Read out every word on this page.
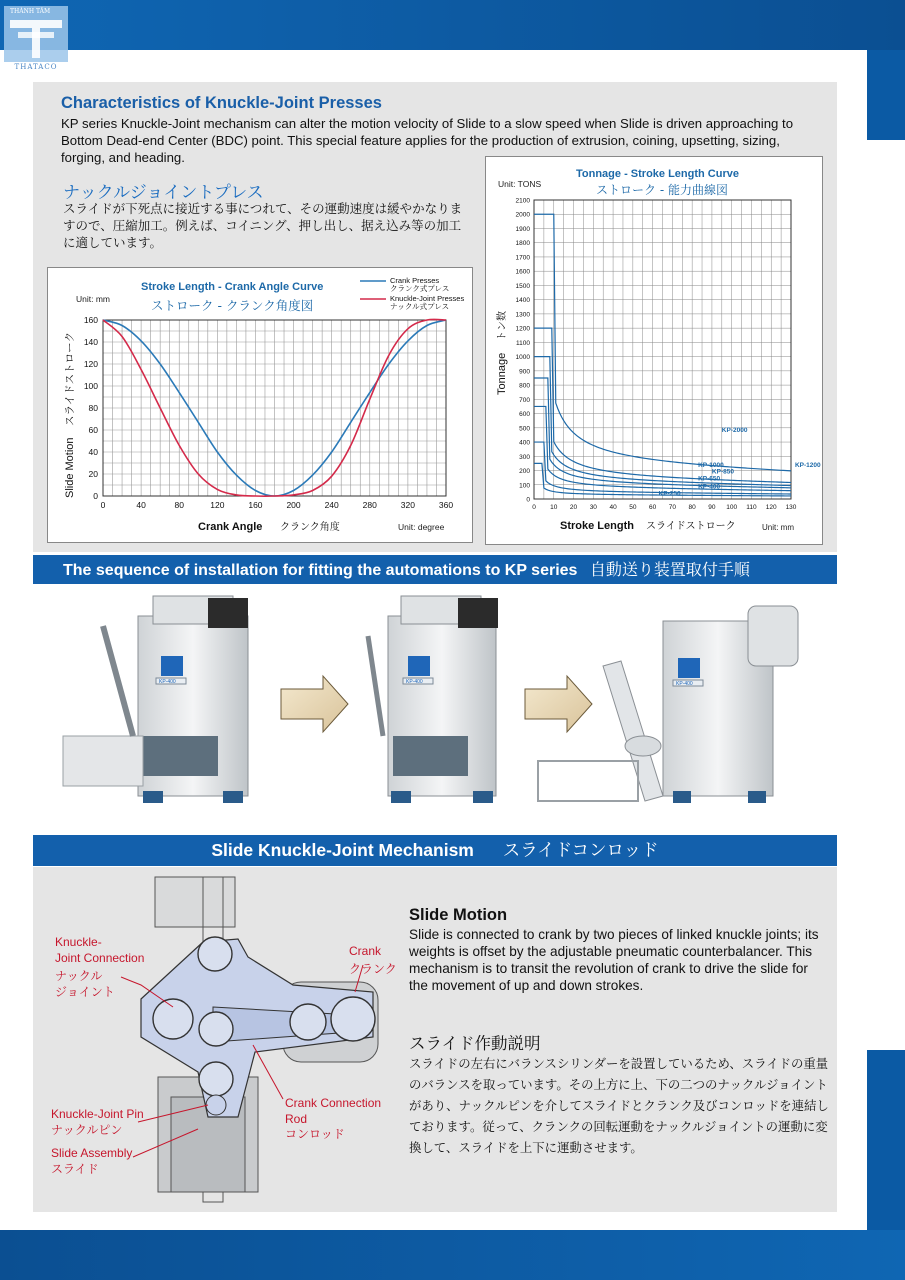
THÀNH TÂM
THATACO
Characteristics of Knuckle-Joint Presses
KP series Knuckle-Joint mechanism can alter the motion velocity of Slide to a slow speed when Slide is driven approaching to Bottom Dead-end Center (BDC) point. This special feature applies for the production of extrusion, coining, upsetting, sizing, forging, and heading.
ナックルジョイントプレス
スライドが下死点に接近する事につれて、その運動速度は緩やかなりますので、圧縮加工。例えば、コイニング、押し出し、据え込み等の加工に適しています。
Stroke Length - Crank Angle Curve
ストローク - クランク角度図
Unit: mm
Unit: degree
Crank Angle クランク角度
Slide Motion
スライドストローク
Crank Presses
クランク式プレス
Knuckle-Joint Presses
ナックル式プレス
0	40	80	120	160	200	240	280	320	360
0
20
40
60
80
100
120
140
160
Tonnage - Stroke Length Curve
ストローク - 能力曲線図
Unit: TONS
Unit: mm
Stroke Length スライドストローク
Tonnage
トン数
0 10 20 30 40 50 60 70 80 90 100 110 120 130
0
100
200
300
400
500
600
700
800
900
1000
1100
1200
1300
1400
1500
1600
1700
1800
1900
2000
2100
KP-2000
KP-1200
KP-1000
KP-850
KP-650
KP-400
KP-250
The sequence of installation for fitting the automations to KP series 自動送り装置取付手順
KP-400	KP-400	KP-400
Slide Knuckle-Joint Mechanism スライドコンロッド
Knuckle-
Joint Connection
ナックル
ジョイント
Crank
クランク
Knuckle-Joint Pin
ナックルピン
Slide Assembly
スライド
Crank Connection
Rod
コンロッド
Slide Motion
Slide is connected to crank by two pieces of linked knuckle joints; its weights is offset by the adjustable pneumatic counterbalancer. This mechanism is to transit the revolution of crank to drive the slide for the movement of up and down strokes.
スライド作動説明
スライドの左右にバランスシリンダーを設置しているため、スライドの重量のバランスを取っています。その上方に上、下の二つのナックルジョイントがあり、ナックルピンを介してスライドとクランク及びコンロッドを連結しております。従って、クランクの回転運動をナックルジョイントの運動に変換して、スライドを上下に運動させます。
